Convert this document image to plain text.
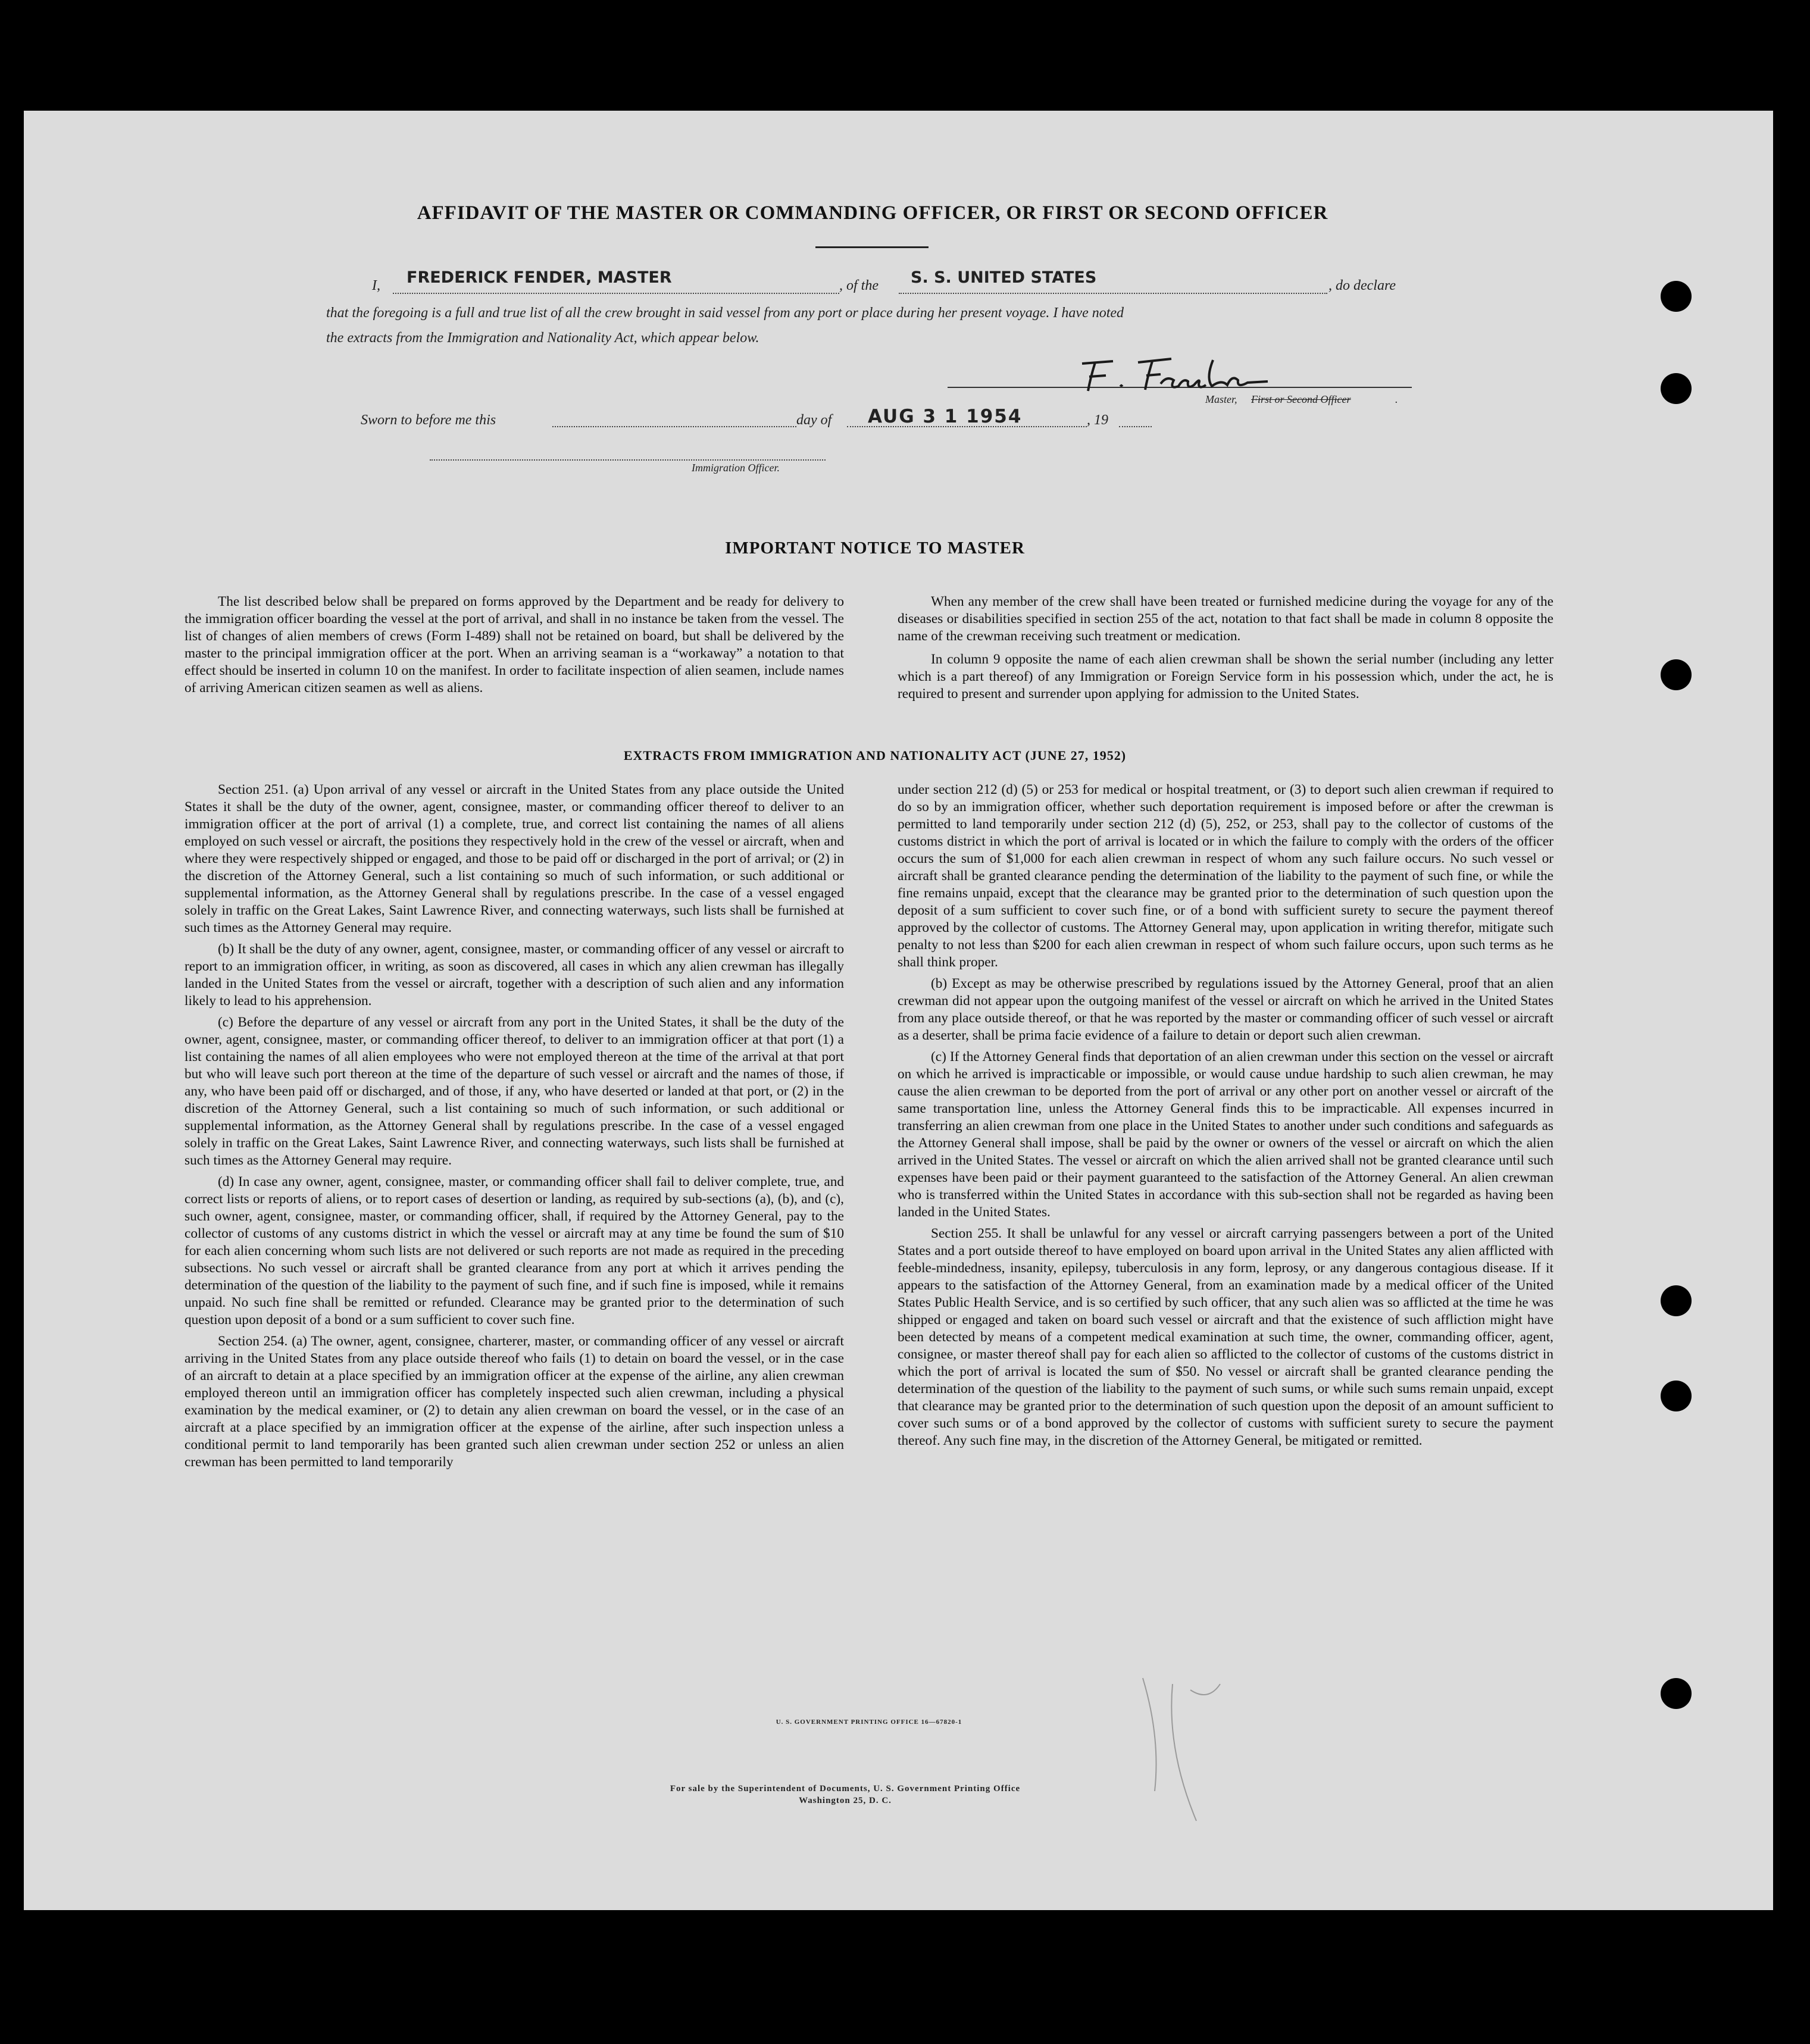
AFFIDAVIT OF THE MASTER OR COMMANDING OFFICER, OR FIRST OR SECOND OFFICER
I, FREDERICK FENDER, MASTER	, of the S. S. UNITED STATES	, do declare
that the foregoing is a full and true list of all the crew brought in said vessel from any port or place during her present voyage. I have noted
the extracts from the Immigration and Nationality Act, which appear below.
Master, First or Second Officer	.
Sworn to before me this	day of AUG 3 1 1954	, 19
Immigration Officer.
IMPORTANT NOTICE TO MASTER

The list described below shall be prepared on forms approved by the Department and be ready for delivery to the immigration officer boarding the vessel at the port of arrival, and shall in no instance be taken from the vessel. The list of changes of alien members of crews (Form I-489) shall not be retained on board, but shall be delivered by the master to the principal immigration officer at the port. When an arriving seaman is a “workaway” a notation to that effect should be inserted in column 10 on the manifest. In order to facilitate inspection of alien seamen, include names of arriving American citizen seamen as well as aliens.

When any member of the crew shall have been treated or furnished medicine during the voyage for any of the diseases or disabilities specified in section 255 of the act, notation to that fact shall be made in column 8 opposite the name of the crewman receiving such treatment or medication.

In column 9 opposite the name of each alien crewman shall be shown the serial number (including any letter which is a part thereof) of any Immigration or Foreign Service form in his possession which, under the act, he is required to present and surrender upon applying for admission to the United States.

EXTRACTS FROM IMMIGRATION AND NATIONALITY ACT (JUNE 27, 1952)

Section 251. (a) Upon arrival of any vessel or aircraft in the United States from any place outside the United States it shall be the duty of the owner, agent, consignee, master, or commanding officer thereof to deliver to an immigration officer at the port of arrival (1) a complete, true, and correct list containing the names of all aliens employed on such vessel or aircraft, the positions they respectively hold in the crew of the vessel or aircraft, when and where they were respectively shipped or engaged, and those to be paid off or discharged in the port of arrival; or (2) in the discretion of the Attorney General, such a list containing so much of such information, or such additional or supplemental information, as the Attorney General shall by regulations prescribe. In the case of a vessel engaged solely in traffic on the Great Lakes, Saint Lawrence River, and connecting waterways, such lists shall be furnished at such times as the Attorney General may require.

(b) It shall be the duty of any owner, agent, consignee, master, or commanding officer of any vessel or aircraft to report to an immigration officer, in writing, as soon as discovered, all cases in which any alien crewman has illegally landed in the United States from the vessel or aircraft, together with a description of such alien and any information likely to lead to his apprehension.

(c) Before the departure of any vessel or aircraft from any port in the United States, it shall be the duty of the owner, agent, consignee, master, or commanding officer thereof, to deliver to an immigration officer at that port (1) a list containing the names of all alien employees who were not employed thereon at the time of the arrival at that port but who will leave such port thereon at the time of the departure of such vessel or aircraft and the names of those, if any, who have been paid off or discharged, and of those, if any, who have deserted or landed at that port, or (2) in the discretion of the Attorney General, such a list containing so much of such information, or such additional or supplemental information, as the Attorney General shall by regulations prescribe. In the case of a vessel engaged solely in traffic on the Great Lakes, Saint Lawrence River, and connecting waterways, such lists shall be furnished at such times as the Attorney General may require.

(d) In case any owner, agent, consignee, master, or commanding officer shall fail to deliver complete, true, and correct lists or reports of aliens, or to report cases of desertion or landing, as required by sub-sections (a), (b), and (c), such owner, agent, consignee, master, or commanding officer, shall, if required by the Attorney General, pay to the collector of customs of any customs district in which the vessel or aircraft may at any time be found the sum of $10 for each alien concerning whom such lists are not delivered or such reports are not made as required in the preceding subsections. No such vessel or aircraft shall be granted clearance from any port at which it arrives pending the determination of the question of the liability to the payment of such fine, and if such fine is imposed, while it remains unpaid. No such fine shall be remitted or refunded. Clearance may be granted prior to the determination of such question upon deposit of a bond or a sum sufficient to cover such fine.

Section 254. (a) The owner, agent, consignee, charterer, master, or commanding officer of any vessel or aircraft arriving in the United States from any place outside thereof who fails (1) to detain on board the vessel, or in the case of an aircraft to detain at a place specified by an immigration officer at the expense of the airline, any alien crewman employed thereon until an immigration officer has completely inspected such alien crewman, including a physical examination by the medical examiner, or (2) to detain any alien crewman on board the vessel, or in the case of an aircraft at a place specified by an immigration officer at the expense of the airline, after such inspection unless a conditional permit to land temporarily has been granted such alien crewman under section 252 or unless an alien crewman has been permitted to land temporarily

under section 212 (d) (5) or 253 for medical or hospital treatment, or (3) to deport such alien crewman if required to do so by an immigration officer, whether such deportation requirement is imposed before or after the crewman is permitted to land temporarily under section 212 (d) (5), 252, or 253, shall pay to the collector of customs of the customs district in which the port of arrival is located or in which the failure to comply with the orders of the officer occurs the sum of $1,000 for each alien crewman in respect of whom any such failure occurs. No such vessel or aircraft shall be granted clearance pending the determination of the liability to the payment of such fine, or while the fine remains unpaid, except that the clearance may be granted prior to the determination of such question upon the deposit of a sum sufficient to cover such fine, or of a bond with sufficient surety to secure the payment thereof approved by the collector of customs. The Attorney General may, upon application in writing therefor, mitigate such penalty to not less than $200 for each alien crewman in respect of whom such failure occurs, upon such terms as he shall think proper.

(b) Except as may be otherwise prescribed by regulations issued by the Attorney General, proof that an alien crewman did not appear upon the outgoing manifest of the vessel or aircraft on which he arrived in the United States from any place outside thereof, or that he was reported by the master or commanding officer of such vessel or aircraft as a deserter, shall be prima facie evidence of a failure to detain or deport such alien crewman.

(c) If the Attorney General finds that deportation of an alien crewman under this section on the vessel or aircraft on which he arrived is impracticable or impossible, or would cause undue hardship to such alien crewman, he may cause the alien crewman to be deported from the port of arrival or any other port on another vessel or aircraft of the same transportation line, unless the Attorney General finds this to be impracticable. All expenses incurred in transferring an alien crewman from one place in the United States to another under such conditions and safeguards as the Attorney General shall impose, shall be paid by the owner or owners of the vessel or aircraft on which the alien arrived in the United States. The vessel or aircraft on which the alien arrived shall not be granted clearance until such expenses have been paid or their payment guaranteed to the satisfaction of the Attorney General. An alien crewman who is transferred within the United States in accordance with this sub-section shall not be regarded as having been landed in the United States.

Section 255. It shall be unlawful for any vessel or aircraft carrying passengers between a port of the United States and a port outside thereof to have employed on board upon arrival in the United States any alien afflicted with feeble-mindedness, insanity, epilepsy, tuberculosis in any form, leprosy, or any dangerous contagious disease. If it appears to the satisfaction of the Attorney General, from an examination made by a medical officer of the United States Public Health Service, and is so certified by such officer, that any such alien was so afflicted at the time he was shipped or engaged and taken on board such vessel or aircraft and that the existence of such affliction might have been detected by means of a competent medical examination at such time, the owner, commanding officer, agent, consignee, or master thereof shall pay for each alien so afflicted to the collector of customs of the customs district in which the port of arrival is located the sum of $50. No vessel or aircraft shall be granted clearance pending the determination of the question of the liability to the payment of such sums, or while such sums remain unpaid, except that clearance may be granted prior to the determination of such question upon the deposit of an amount sufficient to cover such sums or of a bond approved by the collector of customs with sufficient surety to secure the payment thereof. Any such fine may, in the discretion of the Attorney General, be mitigated or remitted.

U. S. GOVERNMENT PRINTING OFFICE 16—67820-1
For sale by the Superintendent of Documents, U. S. Government Printing Office
Washington 25, D. C.
